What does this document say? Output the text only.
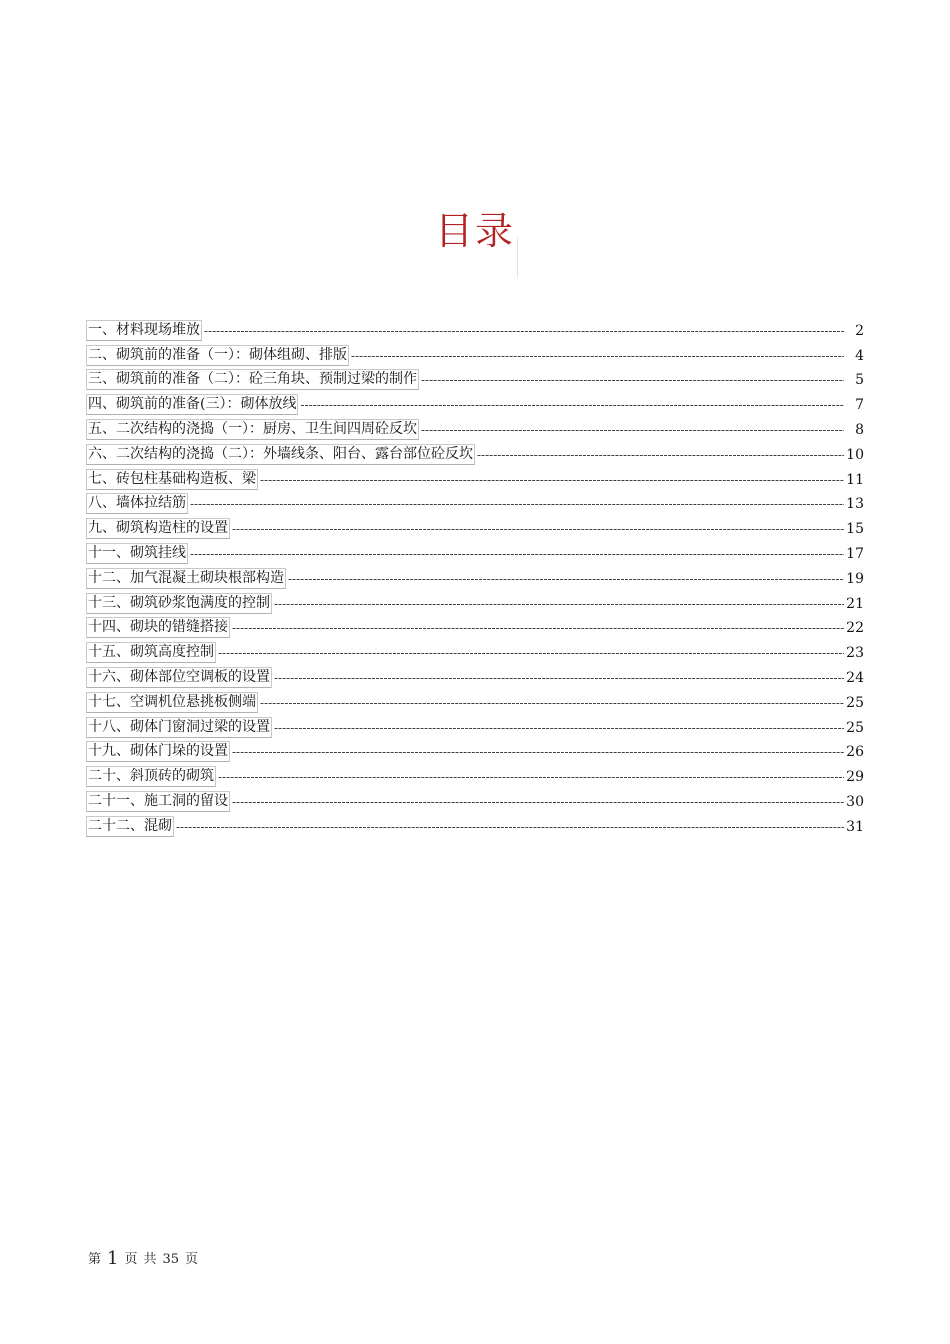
目录
一、材料现场堆放 -----	2
二、砌筑前的准备（一）：砌体组砌、排版 -----	4
三、砌筑前的准备（二）：砼三角块、预制过梁的制作 -----	5
四、砌筑前的准备(三）：砌体放线 -----	7
五、二次结构的浇捣（一）：厨房、卫生间四周砼反坎 -----	8
六、二次结构的浇捣（二）：外墙线条、阳台、露台部位砼反坎 -----	10
七、砖包柱基础构造板、梁 -----	11
八、墙体拉结筋 -----	13
九、砌筑构造柱的设置 -----	15
十一、砌筑挂线 -----	17
十二、加气混凝土砌块根部构造 -----	19
十三、砌筑砂浆饱满度的控制 -----	21
十四、砌块的错缝搭接 -----	22
十五、砌筑高度控制 -----	23
十六、砌体部位空调板的设置 -----	24
十七、空调机位悬挑板侧端 -----	25
十八、砌体门窗洞过梁的设置 -----	25
十九、砌体门垛的设置 -----	26
二十、斜顶砖的砌筑 -----	29
二十一、施工洞的留设 -----	30
二十二、混砌 -----	31
第 1 页 共 35 页
